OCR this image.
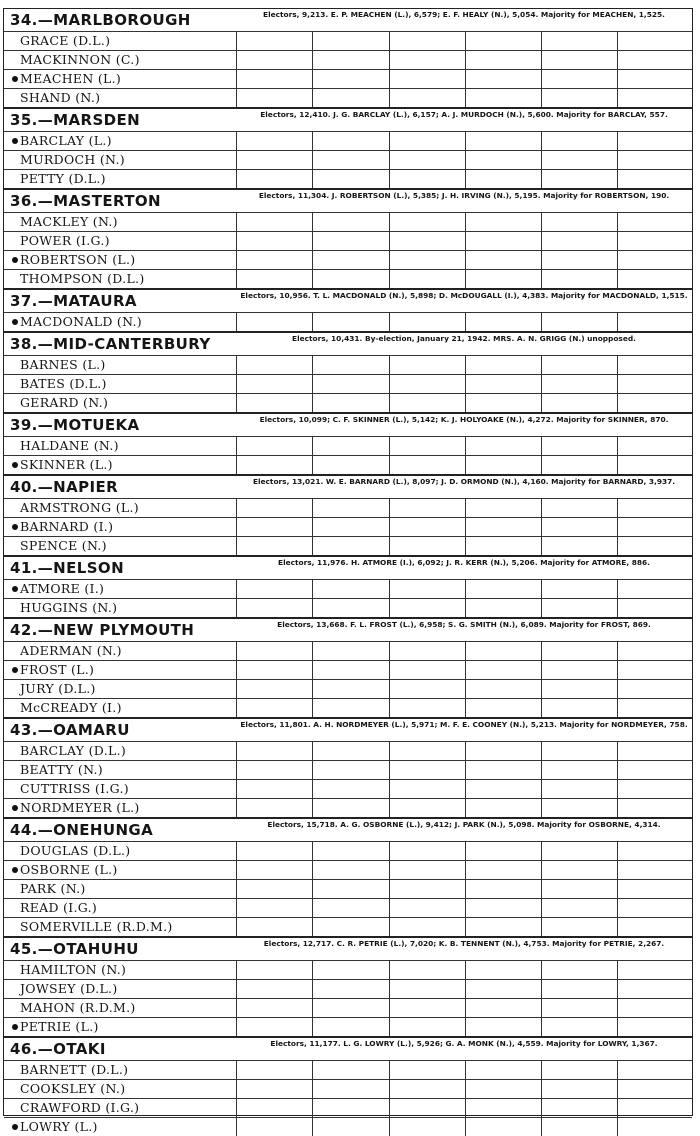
34.—MARLBOROUGH	Electors, 9,213. E. P. MEACHEN (L.), 6,579; E. F. HEALY (N.), 5,054. Majority for MEACHEN, 1,525.
GRACE (D.L.)
MACKINNON (C.)
MEACHEN (L.)
SHAND (N.)
35.—MARSDEN	Electors, 12,410. J. G. BARCLAY (L.), 6,157; A. J. MURDOCH (N.), 5,600. Majority for BARCLAY, 557.
BARCLAY (L.)
MURDOCH (N.)
PETTY (D.L.)
36.—MASTERTON	Electors, 11,304. J. ROBERTSON (L.), 5,385; J. H. IRVING (N.), 5,195. Majority for ROBERTSON, 190.
MACKLEY (N.)
POWER (I.G.)
ROBERTSON (L.)
THOMPSON (D.L.)
37.—MATAURA	Electors, 10,956. T. L. MACDONALD (N.), 5,898; D. McDOUGALL (I.), 4,383. Majority for MACDONALD, 1,515.
MACDONALD (N.)
38.—MID-CANTERBURY	Electors, 10,431. By-election, January 21, 1942. MRS. A. N. GRIGG (N.) unopposed.
BARNES (L.)
BATES (D.L.)
GERARD (N.)
39.—MOTUEKA	Electors, 10,099; C. F. SKINNER (L.), 5,142; K. J. HOLYOAKE (N.), 4,272. Majority for SKINNER, 870.
HALDANE (N.)
SKINNER (L.)
40.—NAPIER	Electors, 13,021. W. E. BARNARD (L.), 8,097; J. D. ORMOND (N.), 4,160. Majority for BARNARD, 3,937.
ARMSTRONG (L.)
BARNARD (I.)
SPENCE (N.)
41.—NELSON	Electors, 11,976. H. ATMORE (I.), 6,092; J. R. KERR (N.), 5,206. Majority for ATMORE, 886.
ATMORE (I.)
HUGGINS (N.)
42.—NEW PLYMOUTH	Electors, 13,668. F. L. FROST (L.), 6,958; S. G. SMITH (N.), 6,089. Majority for FROST, 869.
ADERMAN (N.)
FROST (L.)
JURY (D.L.)
McCREADY (I.)
43.—OAMARU	Electors, 11,801. A. H. NORDMEYER (L.), 5,971; M. F. E. COONEY (N.), 5,213. Majority for NORDMEYER, 758.
BARCLAY (D.L.)
BEATTY (N.)
CUTTRISS (I.G.)
NORDMEYER (L.)
44.—ONEHUNGA	Electors, 15,718. A. G. OSBORNE (L.), 9,412; J. PARK (N.), 5,098. Majority for OSBORNE, 4,314.
DOUGLAS (D.L.)
OSBORNE (L.)
PARK (N.)
READ (I.G.)
SOMERVILLE (R.D.M.)
45.—OTAHUHU	Electors, 12,717. C. R. PETRIE (L.), 7,020; K. B. TENNENT (N.), 4,753. Majority for PETRIE, 2,267.
HAMILTON (N.)
JOWSEY (D.L.)
MAHON (R.D.M.)
PETRIE (L.)
46.—OTAKI	Electors, 11,177. L. G. LOWRY (L.), 5,926; G. A. MONK (N.), 4,559. Majority for LOWRY, 1,367.
BARNETT (D.L.)
COOKSLEY (N.)
CRAWFORD (I.G.)
LOWRY (L.)
